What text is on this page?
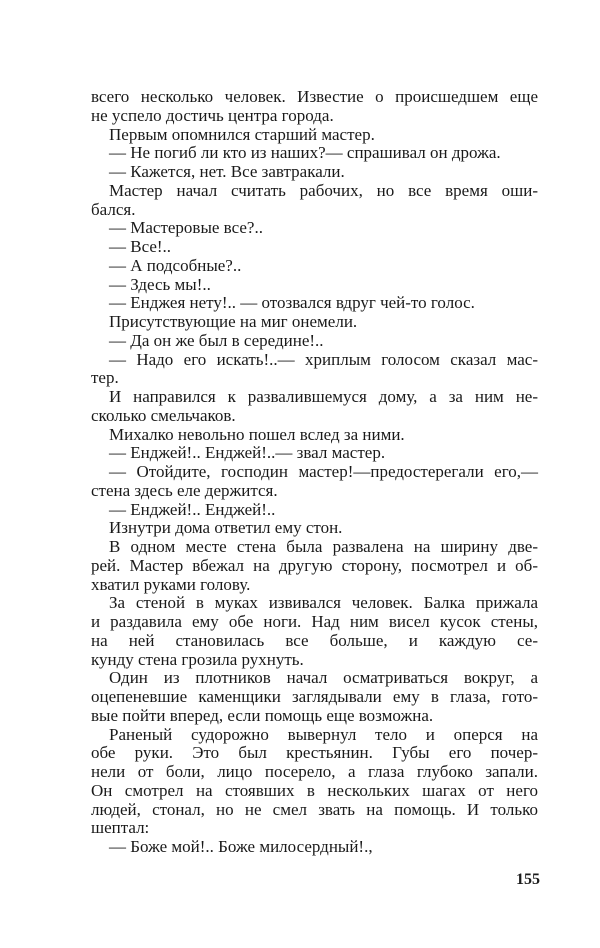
всего несколько человек. Известие о происшедшем еще
не успело достичь центра города.
Первым опомнился старший мастер.
— Не погиб ли кто из наших?— спрашивал он дрожа.
— Кажется, нет. Все завтракали.
Мастер начал считать рабочих, но все время оши-
бался.
— Мастеровые все?..
— Все!..
— А подсобные?..
— Здесь мы!..
— Енджея нету!.. — отозвался вдруг чей-то голос.
Присутствующие на миг онемели.
— Да он же был в середине!..
— Надо его искать!..— хриплым голосом сказал мас-
тер.
И направился к развалившемуся дому, а за ним не-
сколько смельчаков.
Михалко невольно пошел вслед за ними.
— Енджей!.. Енджей!..— звал мастер.
— Отойдите, господин мастер!—предостерегали его,—
стена здесь еле держится.
— Енджей!.. Енджей!..
Изнутри дома ответил ему стон.
В одном месте стена была развалена на ширину две-
рей. Мастер вбежал на другую сторону, посмотрел и об-
хватил руками голову.
За стеной в муках извивался человек. Балка прижала
и раздавила ему обе ноги. Над ним висел кусок стены,
на ней становилась все больше, и каждую се-
кунду стена грозила рухнуть.
Один из плотников начал осматриваться вокруг, а
оцепеневшие каменщики заглядывали ему в глаза, гото-
вые пойти вперед, если помощь еще возможна.
Раненый судорожно вывернул тело и оперся на
обе руки. Это был крестьянин. Губы его почер-
нели от боли, лицо посерело, а глаза глубоко запали.
Он смотрел на стоявших в нескольких шагах от него
людей, стонал, но не смел звать на помощь. И только
шептал:
— Боже мой!.. Боже милосердный!.,
155
